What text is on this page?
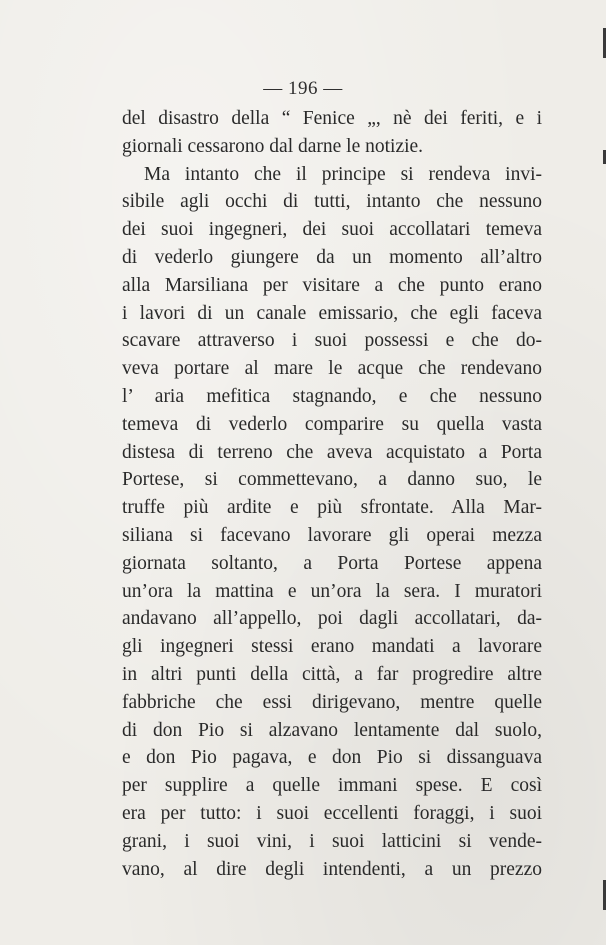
— 196 —
del disastro della “ Fenice „, nè dei feriti, e i
giornali cessarono dal darne le notizie.
Ma intanto che il principe si rendeva invi-
sibile agli occhi di tutti, intanto che nessuno
dei suoi ingegneri, dei suoi accollatari temeva
di vederlo giungere da un momento all’altro
alla Marsiliana per visitare a che punto erano
i lavori di un canale emissario, che egli faceva
scavare attraverso i suoi possessi e che do-
veva portare al mare le acque che rendevano
l’ aria mefitica stagnando, e che nessuno
temeva di vederlo comparire su quella vasta
distesa di terreno che aveva acquistato a Porta
Portese, si commettevano, a danno suo, le
truffe più ardite e più sfrontate. Alla Mar-
siliana si facevano lavorare gli operai mezza
giornata soltanto, a Porta Portese appena
un’ora la mattina e un’ora la sera. I muratori
andavano all’appello, poi dagli accollatari, da-
gli ingegneri stessi erano mandati a lavorare
in altri punti della città, a far progredire altre
fabbriche che essi dirigevano, mentre quelle
di don Pio si alzavano lentamente dal suolo,
e don Pio pagava, e don Pio si dissanguava
per supplire a quelle immani spese. E così
era per tutto: i suoi eccellenti foraggi, i suoi
grani, i suoi vini, i suoi latticini si vende-
vano, al dire degli intendenti, a un prezzo
